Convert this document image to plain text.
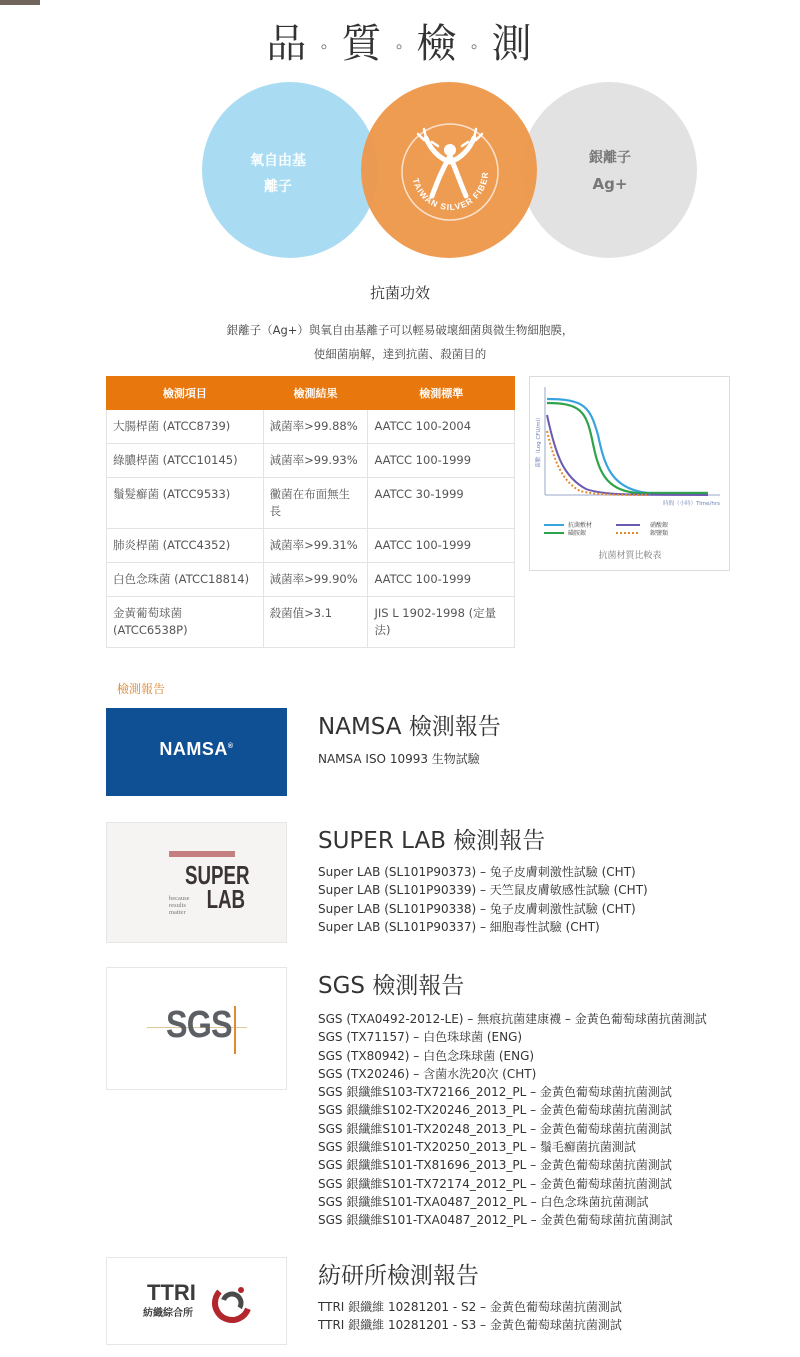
品 ◦ 質 ◦ 檢 ◦ 測
氧自由基
離子
銀離子
Ag+
TAIWAN SILVER FIBER
抗菌功效
銀離子（Ag+）與氧自由基離子可以輕易破壞細菌與微生物細胞膜，
使細菌崩解，達到抗菌、殺菌目的
檢測項目	檢測結果	檢測標準
大腸桿菌 (ATCC8739)	減菌率>99.88%	AATCC 100-2004
綠膿桿菌 (ATCC10145)	減菌率>99.93%	AATCC 100-1999
鬚髮癬菌 (ATCC9533)	黴菌在布面無生長	AATCC 30-1999
肺炎桿菌 (ATCC4352)	減菌率>99.31%	AATCC 100-1999
白色念珠菌 (ATCC18814)	減菌率>99.90%	AATCC 100-1999
金黃葡萄球菌 (ATCC6538P)	殺菌值>3.1	JIS L 1902-1998 (定量法)
菌數（Log CFU/ml）
時間（小時）Time/hrs
抗菌敷材	硝酸銀
磺胺銀	銀鹽類
抗菌材質比較表
檢測報告
NAMSA®
NAMSA 檢測報告
NAMSA ISO 10993 生物試驗
SUPER
LAB
because
results
matter
SUPER LAB 檢測報告
Super LAB (SL101P90373) – 兔子皮膚刺激性試驗 (CHT)
Super LAB (SL101P90339) – 天竺鼠皮膚敏感性試驗 (CHT)
Super LAB (SL101P90338) – 兔子皮膚刺激性試驗 (CHT)
Super LAB (SL101P90337) – 細胞毒性試驗 (CHT)
SGS
SGS 檢測報告
SGS (TXA0492-2012-LE) – 無痕抗菌建康襪 – 金黃色葡萄球菌抗菌測試
SGS (TX71157) – 白色珠球菌 (ENG)
SGS (TX80942) – 白色念珠球菌 (ENG)
SGS (TX20246) – 含菌水洗20次 (CHT)
SGS 銀纖維S103-TX72166_2012_PL – 金黃色葡萄球菌抗菌測試
SGS 銀纖維S102-TX20246_2013_PL – 金黃色葡萄球菌抗菌測試
SGS 銀纖維S101-TX20248_2013_PL – 金黃色葡萄球菌抗菌測試
SGS 銀纖維S101-TX20250_2013_PL – 鬚毛癬菌抗菌測試
SGS 銀纖維S101-TX81696_2013_PL – 金黃色葡萄球菌抗菌測試
SGS 銀纖維S101-TX72174_2012_PL – 金黃色葡萄球菌抗菌測試
SGS 銀纖維S101-TXA0487_2012_PL – 白色念珠菌抗菌測試
SGS 銀纖維S101-TXA0487_2012_PL – 金黃色葡萄球菌抗菌測試
TTRI
紡織綜合所
紡研所檢測報告
TTRI 銀纖維 10281201 - S2 – 金黃色葡萄球菌抗菌測試
TTRI 銀纖維 10281201 - S3 – 金黃色葡萄球菌抗菌測試
